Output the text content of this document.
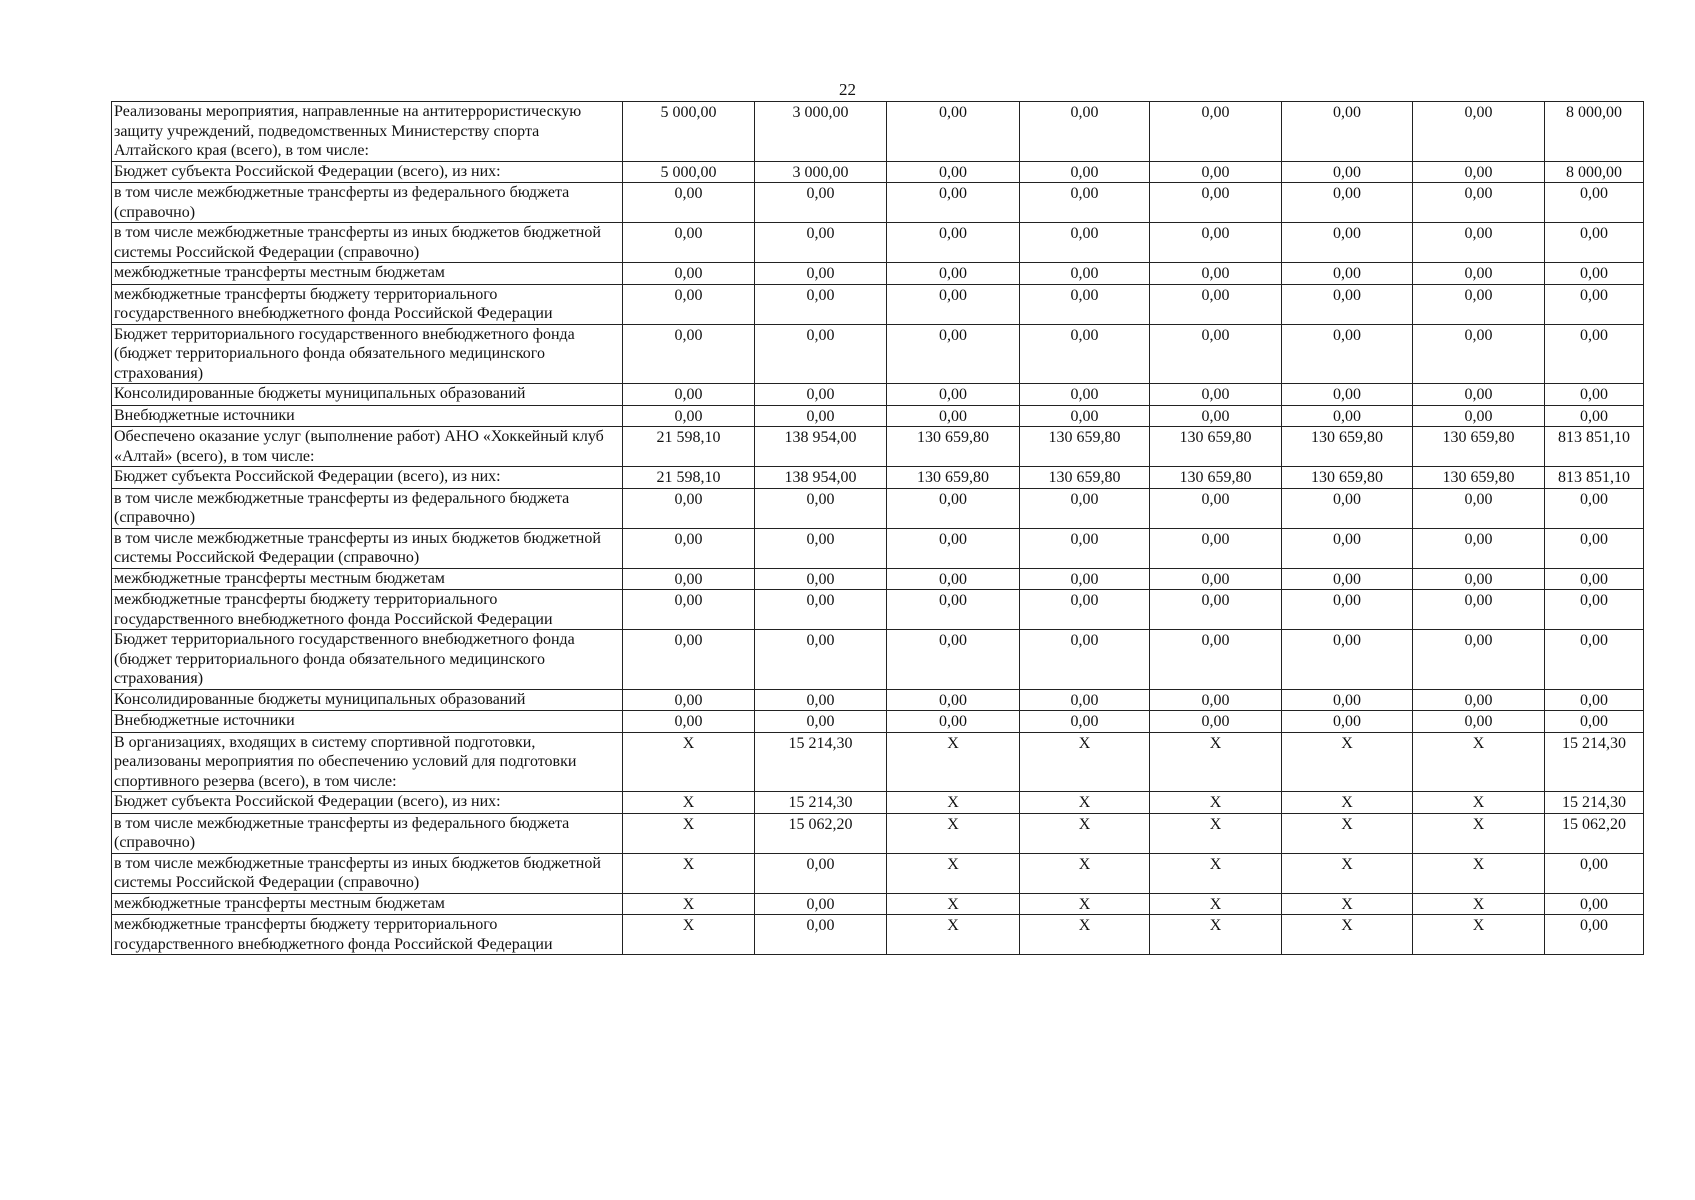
22
Реализованы мероприятия, направленные на антитеррористическую защиту учреждений, подведомственных Министерству спорта Алтайского края (всего), в том числе:	5 000,00	3 000,00	0,00	0,00	0,00	0,00	0,00	8 000,00
Бюджет субъекта Российской Федерации (всего), из них:	5 000,00	3 000,00	0,00	0,00	0,00	0,00	0,00	8 000,00
в том числе межбюджетные трансферты из федерального бюджета (справочно)	0,00	0,00	0,00	0,00	0,00	0,00	0,00	0,00
в том числе межбюджетные трансферты из иных бюджетов бюджетной системы Российской Федерации (справочно)	0,00	0,00	0,00	0,00	0,00	0,00	0,00	0,00
межбюджетные трансферты местным бюджетам	0,00	0,00	0,00	0,00	0,00	0,00	0,00	0,00
межбюджетные трансферты бюджету территориального государственного внебюджетного фонда Российской Федерации	0,00	0,00	0,00	0,00	0,00	0,00	0,00	0,00
Бюджет территориального государственного внебюджетного фонда (бюджет территориального фонда обязательного медицинского страхования)	0,00	0,00	0,00	0,00	0,00	0,00	0,00	0,00
Консолидированные бюджеты муниципальных образований	0,00	0,00	0,00	0,00	0,00	0,00	0,00	0,00
Внебюджетные источники	0,00	0,00	0,00	0,00	0,00	0,00	0,00	0,00
Обеспечено оказание услуг (выполнение работ) АНО «Хоккейный клуб «Алтай» (всего), в том числе:	21 598,10	138 954,00	130 659,80	130 659,80	130 659,80	130 659,80	130 659,80	813 851,10
Бюджет субъекта Российской Федерации (всего), из них:	21 598,10	138 954,00	130 659,80	130 659,80	130 659,80	130 659,80	130 659,80	813 851,10
в том числе межбюджетные трансферты из федерального бюджета (справочно)	0,00	0,00	0,00	0,00	0,00	0,00	0,00	0,00
в том числе межбюджетные трансферты из иных бюджетов бюджетной системы Российской Федерации (справочно)	0,00	0,00	0,00	0,00	0,00	0,00	0,00	0,00
межбюджетные трансферты местным бюджетам	0,00	0,00	0,00	0,00	0,00	0,00	0,00	0,00
межбюджетные трансферты бюджету территориального государственного внебюджетного фонда Российской Федерации	0,00	0,00	0,00	0,00	0,00	0,00	0,00	0,00
Бюджет территориального государственного внебюджетного фонда (бюджет территориального фонда обязательного медицинского страхования)	0,00	0,00	0,00	0,00	0,00	0,00	0,00	0,00
Консолидированные бюджеты муниципальных образований	0,00	0,00	0,00	0,00	0,00	0,00	0,00	0,00
Внебюджетные источники	0,00	0,00	0,00	0,00	0,00	0,00	0,00	0,00
В организациях, входящих в систему спортивной подготовки, реализованы мероприятия по обеспечению условий для подготовки спортивного резерва (всего), в том числе:	X	15 214,30	X	X	X	X	X	15 214,30
Бюджет субъекта Российской Федерации (всего), из них:	X	15 214,30	X	X	X	X	X	15 214,30
в том числе межбюджетные трансферты из федерального бюджета (справочно)	X	15 062,20	X	X	X	X	X	15 062,20
в том числе межбюджетные трансферты из иных бюджетов бюджетной системы Российской Федерации (справочно)	X	0,00	X	X	X	X	X	0,00
межбюджетные трансферты местным бюджетам	X	0,00	X	X	X	X	X	0,00
межбюджетные трансферты бюджету территориального государственного внебюджетного фонда Российской Федерации	X	0,00	X	X	X	X	X	0,00
